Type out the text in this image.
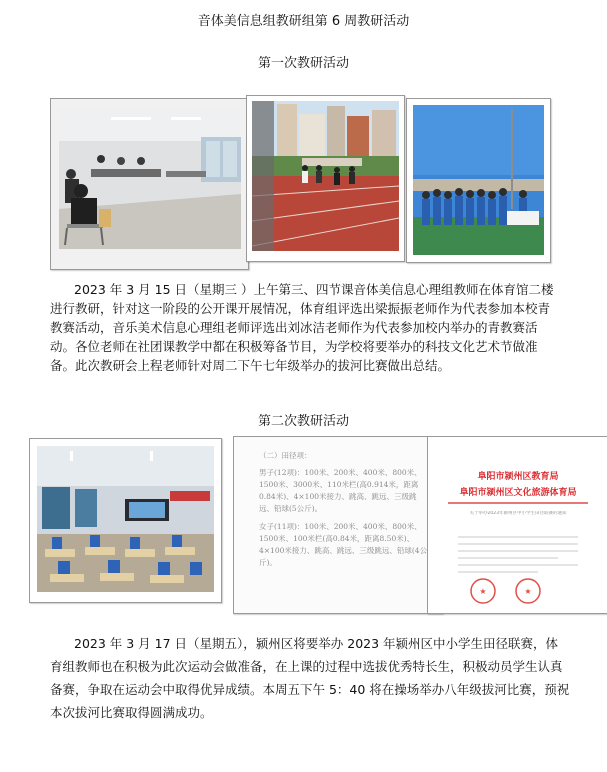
音体美信息组教研组第 6 周教研活动
第一次教研活动
2023 年 3 月 15 日（星期三 ）上午第三、四节课音体美信息心理组教师在体育馆二楼进行教研，针对这一阶段的公开课开展情况，体育组评选出梁振振老师作为代表参加本校青教赛活动，音乐美术信息心理组老师评选出刘冰洁老师作为代表参加校内举办的青教赛活动。各位老师在社团课教学中都在积极筹备节目，为学校将要举办的科技文化艺术节做准备。此次教研会上程老师针对周二下午七年级举办的拔河比赛做出总结。
第二次教研活动
（二）田径项：
男子(12项)：100米、200米、400米、800米、1500米、3000米、110米栏(高0.914米，距离0.84米)、4×100米接力、跳高、跳远、三级跳远、铅球(5公斤)。
女子(11项)：100米、200米、400米、800米、1500米、100米栏(高0.84米，距离8.50米)、4×100米接力、跳高、跳远、三级跳远、铅球(4公斤)。
阜阳市颍州区教育局
阜阳市颍州区文化旅游体育局
关于举办2023年颍州区中小学生田径联赛的通知
★	★
2023 年 3 月 17 日（星期五），颍州区将要举办 2023 年颍州区中小学生田径联赛，体育组教师也在积极为此次运动会做准备，在上课的过程中选拔优秀特长生，积极动员学生认真备赛，争取在运动会中取得优异成绩。本周五下午 5：40 将在操场举办八年级拔河比赛，预祝本次拔河比赛取得圆满成功。
